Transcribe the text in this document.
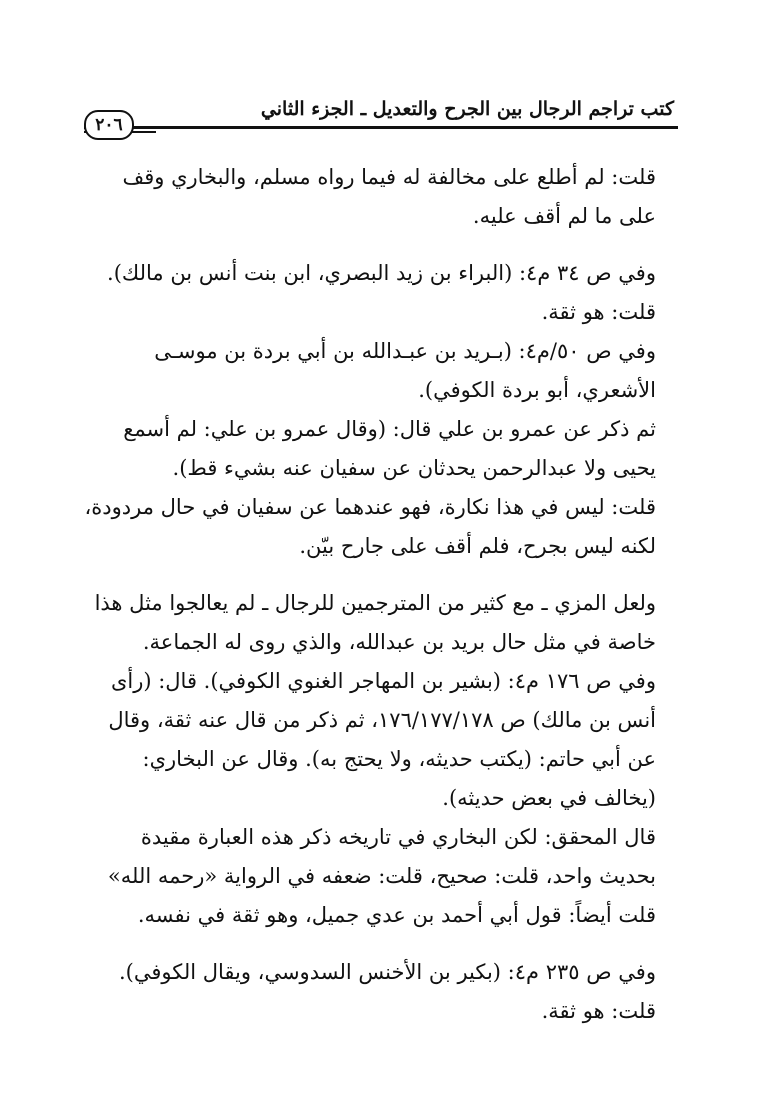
كتب تراجم الرجال بين الجرح والتعديل ـ الجزء الثاني
٢٠٦

قلت: لم أطلع على مخالفة له فيما رواه مسلم، والبخاري وقف على ما لم أقف عليه.

وفي ص ٣٤ م٤: (البراء بن زيد البصري، ابن بنت أنس بن مالك).

قلت: هو ثقة.

وفي ص ٥٠/م٤: (بـريد بن عبـدالله بن أبي بردة بن موسـى الأشعري، أبو بردة الكوفي).

ثم ذكر عن عمرو بن علي قال: (وقال عمرو بن علي: لم أسمع يحيى ولا عبدالرحمن يحدثان عن سفيان عنه بشيء قط).

قلت: ليس في هذا نكارة، فهو عندهما عن سفيان في حال مردودة، لكنه ليس بجرح، فلم أقف على جارح بيّن.

ولعل المزي ـ مع كثير من المترجمين للرجال ـ لم يعالجوا مثل هذا خاصة في مثل حال بريد بن عبدالله، والذي روى له الجماعة.

وفي ص ١٧٦ م٤: (بشير بن المهاجر الغنوي الكوفي). قال: (رأى أنس بن مالك) ص ١٧٦/١٧٧/١٧٨، ثم ذكر من قال عنه ثقة، وقال عن أبي حاتم: (يكتب حديثه، ولا يحتج به). وقال عن البخاري: (يخالف في بعض حديثه).

قال المحقق: لكن البخاري في تاريخه ذكر هذه العبارة مقيدة بحديث واحد، قلت: صحيح، قلت: ضعفه في الرواية «رحمه الله» قلت أيضاً: قول أبي أحمد بن عدي جميل، وهو ثقة في نفسه.

وفي ص ٢٣٥ م٤: (بكير بن الأخنس السدوسي، ويقال الكوفي).

قلت: هو ثقة.
